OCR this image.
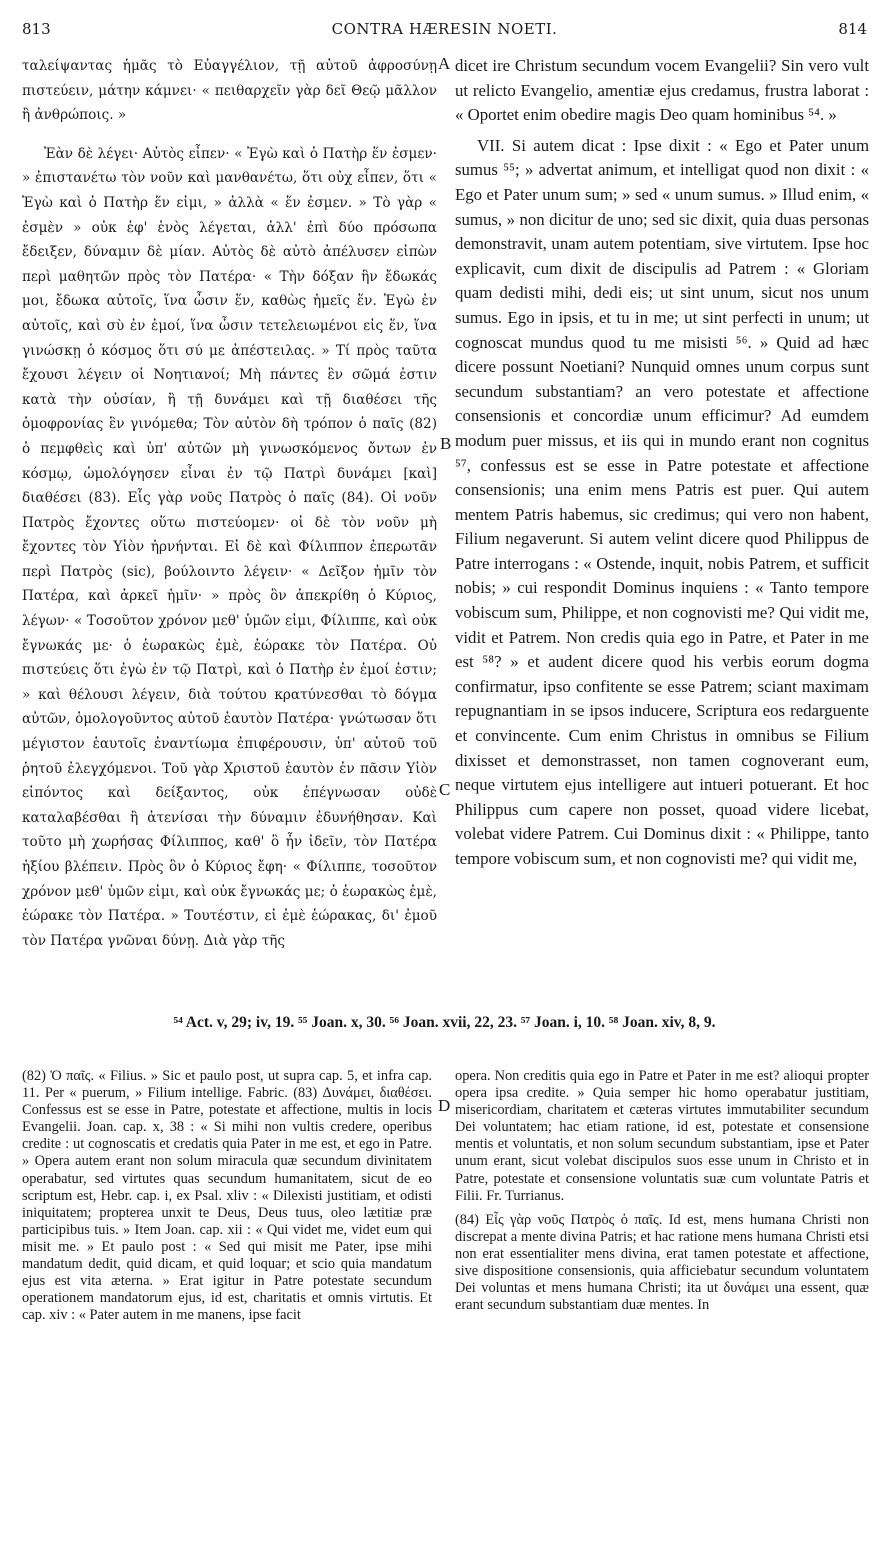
813	CONTRA HÆRESIN NOETI.	814

ταλείψαντας ἡμᾶς τὸ Εὐαγγέλιον, τῇ αὐτοῦ ἀφροσύνῃ πιστεύειν, μάτην κάμνει· « πειθαρχεῖν γὰρ δεῖ Θεῷ μᾶλλον ἢ ἀνθρώποις. »

Ἐὰν δὲ λέγει· Αὐτὸς εἶπεν· « Ἐγὼ καὶ ὁ Πατὴρ ἕν ἐσμεν· » ἐπιστανέτω τὸν νοῦν καὶ μανθανέτω, ὅτι οὐχ εἶπεν, ὅτι « Ἐγὼ καὶ ὁ Πατὴρ ἕν εἰμι, » ἀλλὰ « ἕν ἐσμεν. » Τὸ γὰρ « ἐσμὲν » οὐκ ἐφ' ἑνὸς λέγεται, ἀλλ' ἐπὶ δύο πρόσωπα ἔδειξεν, δύναμιν δὲ μίαν. Αὐτὸς δὲ αὐτὸ ἀπέλυσεν εἰπὼν περὶ μαθητῶν πρὸς τὸν Πατέρα· « Τὴν δόξαν ἣν ἔδωκάς μοι, ἔδωκα αὐτοῖς, ἵνα ὦσιν ἕν, καθὼς ἡμεῖς ἕν. Ἐγὼ ἐν αὐτοῖς, καὶ σὺ ἐν ἐμοί, ἵνα ὦσιν τετελειωμένοι εἰς ἕν, ἵνα γινώσκῃ ὁ κόσμος ὅτι σύ με ἀπέστειλας. » Τί πρὸς ταῦτα ἔχουσι λέγειν οἱ Νοητιανοί; Μὴ πάντες ἓν σῶμά ἐστιν κατὰ τὴν οὐσίαν, ἢ τῇ δυνάμει καὶ τῇ διαθέσει τῆς ὁμοφρονίας ἓν γινόμεθα; Τὸν αὐτὸν δὴ τρόπον ὁ παῖς (82) ὁ πεμφθεὶς καὶ ὑπ' αὐτῶν μὴ γινωσκόμενος ὄντων ἐν κόσμῳ, ὡμολόγησεν εἶναι ἐν τῷ Πατρὶ δυνάμει [καὶ] διαθέσει (83). Εἷς γὰρ νοῦς Πατρὸς ὁ παῖς (84). Οἱ νοῦν Πατρὸς ἔχοντες οὕτω πιστεύομεν· οἱ δὲ τὸν νοῦν μὴ ἔχοντες τὸν Υἱὸν ἠρνήνται. Εἰ δὲ καὶ Φίλιππον ἐπερωτᾶν περὶ Πατρὸς (sic), βούλοιντο λέγειν· « Δεῖξον ἡμῖν τὸν Πατέρα, καὶ ἀρκεῖ ἡμῖν· » πρὸς ὃν ἀπεκρίθη ὁ Κύριος, λέγων· « Τοσοῦτον χρόνον μεθ' ὑμῶν εἰμι, Φίλιππε, καὶ οὐκ ἔγνωκάς με· ὁ ἑωρακὼς ἐμὲ, ἑώρακε τὸν Πατέρα. Οὐ πιστεύεις ὅτι ἐγὼ ἐν τῷ Πατρὶ, καὶ ὁ Πατὴρ ἐν ἐμοί ἐστιν; » καὶ θέλουσι λέγειν, διὰ τούτου κρατύνεσθαι τὸ δόγμα αὐτῶν, ὁμολογοῦντος αὐτοῦ ἑαυτὸν Πατέρα· γνώτωσαν ὅτι μέγιστον ἑαυτοῖς ἐναντίωμα ἐπιφέρουσιν, ὑπ' αὐτοῦ τοῦ ῥητοῦ ἐλεγχόμενοι. Τοῦ γὰρ Χριστοῦ ἑαυτὸν ἐν πᾶσιν Υἱὸν εἰπόντος καὶ δείξαντος, οὐκ ἐπέγνωσαν οὐδὲ καταλαβέσθαι ἢ ἀτενίσαι τὴν δύναμιν ἐδυνήθησαν. Καὶ τοῦτο μὴ χωρήσας Φίλιππος, καθ' ὃ ἦν ἰδεῖν, τὸν Πατέρα ἠξίου βλέπειν. Πρὸς ὃν ὁ Κύριος ἔφη· « Φίλιππε, τοσοῦτον χρόνον μεθ' ὑμῶν εἰμι, καὶ οὐκ ἔγνωκάς με; ὁ ἑωρακὼς ἐμὲ, ἑώρακε τὸν Πατέρα. » Τουτέστιν, εἰ ἐμὲ ἑώρακας, δι' ἐμοῦ τὸν Πατέρα γνῶναι δύνῃ. Διὰ γὰρ τῆς

dicet ire Christum secundum vocem Evangelii? Sin vero vult ut relicto Evangelio, amentiæ ejus credamus, frustra laborat : « Oportet enim obedire magis Deo quam hominibus ⁵⁴. »

VII. Si autem dicat : Ipse dixit : « Ego et Pater unum sumus ⁵⁵; » advertat animum, et intelligat quod non dixit : « Ego et Pater unum sum; » sed « unum sumus. » Illud enim, « sumus, » non dicitur de uno; sed sic dixit, quia duas personas demonstravit, unam autem potentiam, sive virtutem. Ipse hoc explicavit, cum dixit de discipulis ad Patrem : « Gloriam quam dedisti mihi, dedi eis; ut sint unum, sicut nos unum sumus. Ego in ipsis, et tu in me; ut sint perfecti in unum; ut cognoscat mundus quod tu me misisti ⁵⁶. » Quid ad hæc dicere possunt Noetiani? Nunquid omnes unum corpus sunt secundum substantiam? an vero potestate et affectione consensionis et concordiæ unum efficimur? Ad eumdem modum puer missus, et iis qui in mundo erant non cognitus ⁵⁷, confessus est se esse in Patre potestate et affectione consensionis; una enim mens Patris est puer. Qui autem mentem Patris habemus, sic credimus; qui vero non habent, Filium negaverunt. Si autem velint dicere quod Philippus de Patre interrogans : « Ostende, inquit, nobis Patrem, et sufficit nobis; » cui respondit Dominus inquiens : « Tanto tempore vobiscum sum, Philippe, et non cognovisti me? Qui vidit me, vidit et Patrem. Non credis quia ego in Patre, et Pater in me est ⁵⁸? » et audent dicere quod his verbis eorum dogma confirmatur, ipso confitente se esse Patrem; sciant maximam repugnantiam in se ipsos inducere, Scriptura eos redarguente et convincente. Cum enim Christus in omnibus se Filium dixisset et demonstrasset, non tamen cognoverant eum, neque virtutem ejus intelligere aut intueri potuerant. Et hoc Philippus cum capere non posset, quoad videre licebat, volebat videre Patrem. Cui Dominus dixit : « Philippe, tanto tempore vobiscum sum, et non cognovisti me? qui vidit me,

A
B
C
D
⁵⁴ Act. v, 29; iv, 19. ⁵⁵ Joan. x, 30. ⁵⁶ Joan. xvii, 22, 23. ⁵⁷ Joan. i, 10. ⁵⁸ Joan. xiv, 8, 9.

(82) Ὁ παῖς. « Filius. » Sic et paulo post, ut supra cap. 5, et infra cap. 11. Per « puerum, » Filium intellige. Fabric. (83) Δυνάμει, διαθέσει. Confessus est se esse in Patre, potestate et affectione, multis in locis Evangelii. Joan. cap. x, 38 : « Si mihi non vultis credere, operibus credite : ut cognoscatis et credatis quia Pater in me est, et ego in Patre. » Opera autem erant non solum miracula quæ secundum divinitatem operabatur, sed virtutes quas secundum humanitatem, sicut de eo scriptum est, Hebr. cap. i, ex Psal. xliv : « Dilexisti justitiam, et odisti iniquitatem; propterea unxit te Deus, Deus tuus, oleo lætitiæ præ participibus tuis. » Item Joan. cap. xii : « Qui videt me, videt eum qui misit me. » Et paulo post : « Sed qui misit me Pater, ipse mihi mandatum dedit, quid dicam, et quid loquar; et scio quia mandatum ejus est vita æterna. » Erat igitur in Patre potestate secundum operationem mandatorum ejus, id est, charitatis et omnis virtutis. Et cap. xiv : « Pater autem in me manens, ipse facit

opera. Non creditis quia ego in Patre et Pater in me est? alioqui propter opera ipsa credite. » Quia semper hic homo operabatur justitiam, misericordiam, charitatem et cæteras virtutes immutabiliter secundum Dei voluntatem; hac etiam ratione, id est, potestate et consensione mentis et voluntatis, et non solum secundum substantiam, ipse et Pater unum erant, sicut volebat discipulos suos esse unum in Christo et in Patre, potestate et consensione voluntatis suæ cum voluntate Patris et Filii. Fr. Turrianus.

(84) Εἷς γὰρ νοῦς Πατρὸς ὁ παῖς. Id est, mens humana Christi non discrepat a mente divina Patris; et hac ratione mens humana Christi etsi non erat essentialiter mens divina, erat tamen potestate et affectione, sive dispositione consensionis, quia afficiebatur secundum voluntatem Dei voluntas et mens humana Christi; ita ut δυνάμει una essent, quæ erant secundum substantiam duæ mentes. In
